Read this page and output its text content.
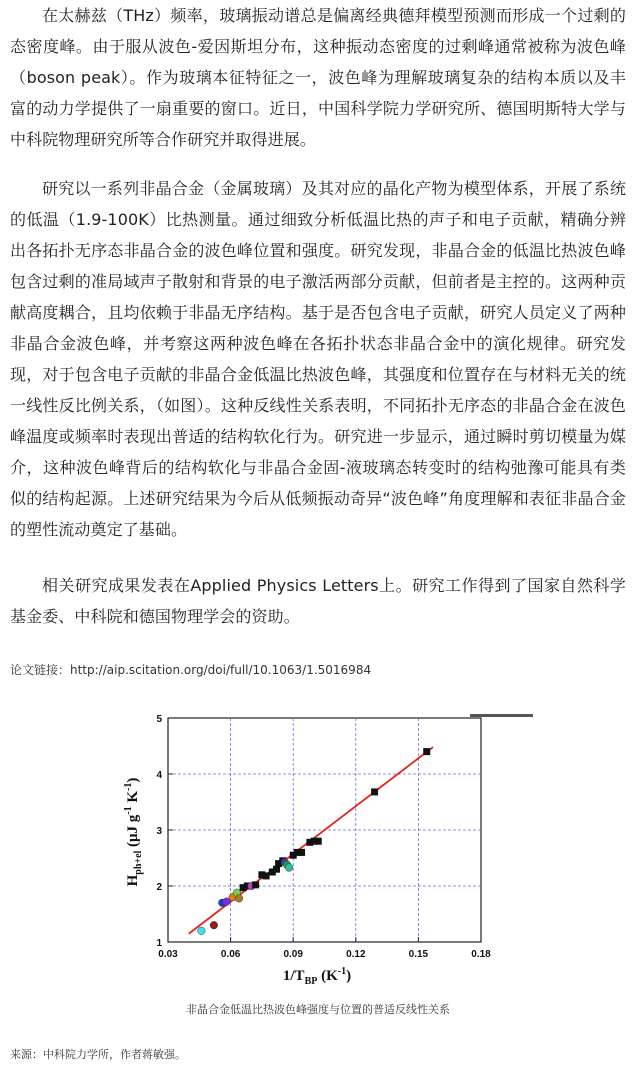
在太赫兹（THz）频率，玻璃振动谱总是偏离经典德拜模型预测而形成一个过剩的态密度峰。由于服从波色-爱因斯坦分布，这种振动态密度的过剩峰通常被称为波色峰（boson peak）。作为玻璃本征特征之一，波色峰为理解玻璃复杂的结构本质以及丰富的动力学提供了一扇重要的窗口。近日，中国科学院力学研究所、德国明斯特大学与中科院物理研究所等合作研究并取得进展。

研究以一系列非晶合金（金属玻璃）及其对应的晶化产物为模型体系，开展了系统的低温（1.9-100K）比热测量。通过细致分析低温比热的声子和电子贡献，精确分辨出各拓扑无序态非晶合金的波色峰位置和强度。研究发现，非晶合金的低温比热波色峰包含过剩的准局域声子散射和背景的电子激活两部分贡献，但前者是主控的。这两种贡献高度耦合，且均依赖于非晶无序结构。基于是否包含电子贡献，研究人员定义了两种非晶合金波色峰，并考察这两种波色峰在各拓扑状态非晶合金中的演化规律。研究发现，对于包含电子贡献的非晶合金低温比热波色峰，其强度和位置存在与材料无关的统一线性反比例关系，（如图）。这种反线性关系表明，不同拓扑无序态的非晶合金在波色峰温度或频率时表现出普适的结构软化行为。研究进一步显示，通过瞬时剪切模量为媒介，这种波色峰背后的结构软化与非晶合金固-液玻璃态转变时的结构弛豫可能具有类似的结构起源。上述研究结果为今后从低频振动奇异“波色峰”角度理解和表征非晶合金的塑性流动奠定了基础。

相关研究成果发表在Applied Physics Letters上。研究工作得到了国家自然科学基金委、中科院和德国物理学会的资助。

论文链接：http://aip.scitation.org/doi/full/10.1063/1.5016984
0.03	0.06	0.09	0.12	0.15	0.18
1
2
3
4
5
$1/T_{BP}$ $(K^{-1})$
$H_{ph+el}$ (μJ $g^{-1}$ $K^{-1}$)
非晶合金低温比热波色峰强度与位置的普适反线性关系
来源：中科院力学所，作者蒋敏强。
